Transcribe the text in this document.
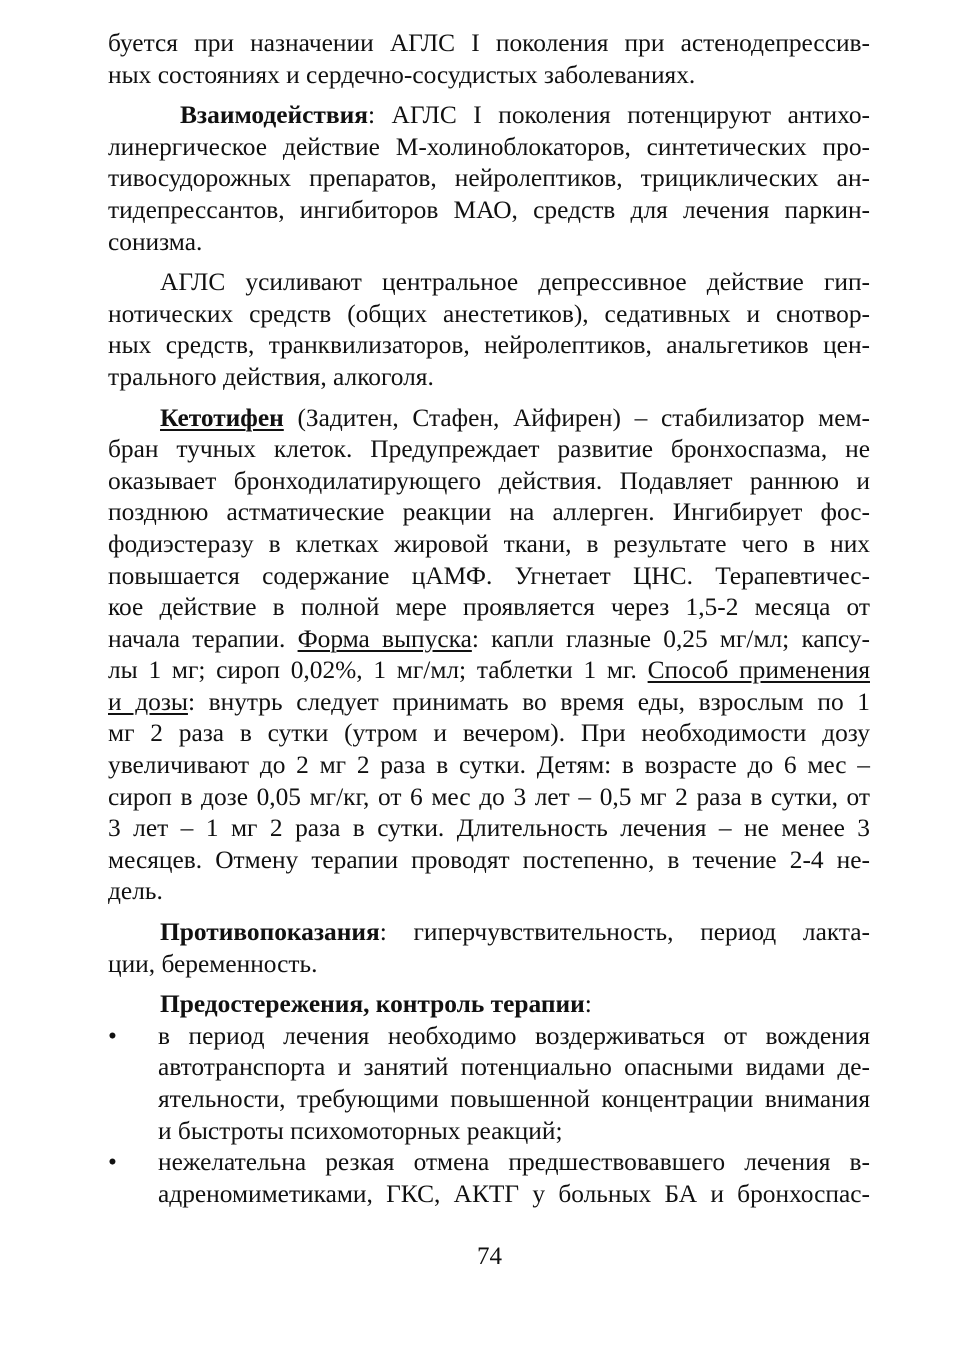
буется при назначении АГЛС I поколения при астенодепрессив-
ных состояниях и сердечно-сосудистых заболеваниях.
Взаимодействия: АГЛС I поколения потенцируют антихо-
линергическое действие М-холиноблокаторов, синтетических про-
тивосудорожных препаратов, нейролептиков, трициклических ан-
тидепрессантов, ингибиторов МАО, средств для лечения паркин-
сонизма.
АГЛС усиливают центральное депрессивное действие гип-
нотических средств (общих анестетиков), седативных и снотвор-
ных средств, транквилизаторов, нейролептиков, анальгетиков цен-
трального действия, алкоголя.
Кетотифен (Задитен, Стафен, Айфирен) – стабилизатор мем-
бран тучных клеток. Предупреждает развитие бронхоспазма, не
оказывает бронходилатирующего действия. Подавляет раннюю и
позднюю астматические реакции на аллерген. Ингибирует фос-
фодиэстеразу в клетках жировой ткани, в результате чего в них
повышается содержание цАМФ. Угнетает ЦНС. Терапевтичес-
кое действие в полной мере проявляется через 1,5-2 месяца от
начала терапии. Форма выпуска: капли глазные 0,25 мг/мл; капсу-
лы 1 мг; сироп 0,02%, 1 мг/мл; таблетки 1 мг. Способ применения
и дозы: внутрь следует принимать во время еды, взрослым по 1
мг 2 раза в сутки (утром и вечером). При необходимости дозу
увеличивают до 2 мг 2 раза в сутки. Детям: в возрасте до 6 мес –
сироп в дозе 0,05 мг/кг, от 6 мес до 3 лет – 0,5 мг 2 раза в сутки, от
3 лет – 1 мг 2 раза в сутки. Длительность лечения – не менее 3
месяцев. Отмену терапии проводят постепенно, в течение 2-4 не-
дель.
Противопоказания: гиперчувствительность, период лакта-
ции, беременность.
Предостережения, контроль терапии:
• в период лечения необходимо воздерживаться от вождения
автотранспорта и занятий потенциально опасными видами де-
ятельности, требующими повышенной концентрации внимания
и быстроты психомоторных реакций;
• нежелательна резкая отмена предшествовавшего лечения в-
адреномиметиками, ГКС, АКТГ у больных БА и бронхоспас-
74
